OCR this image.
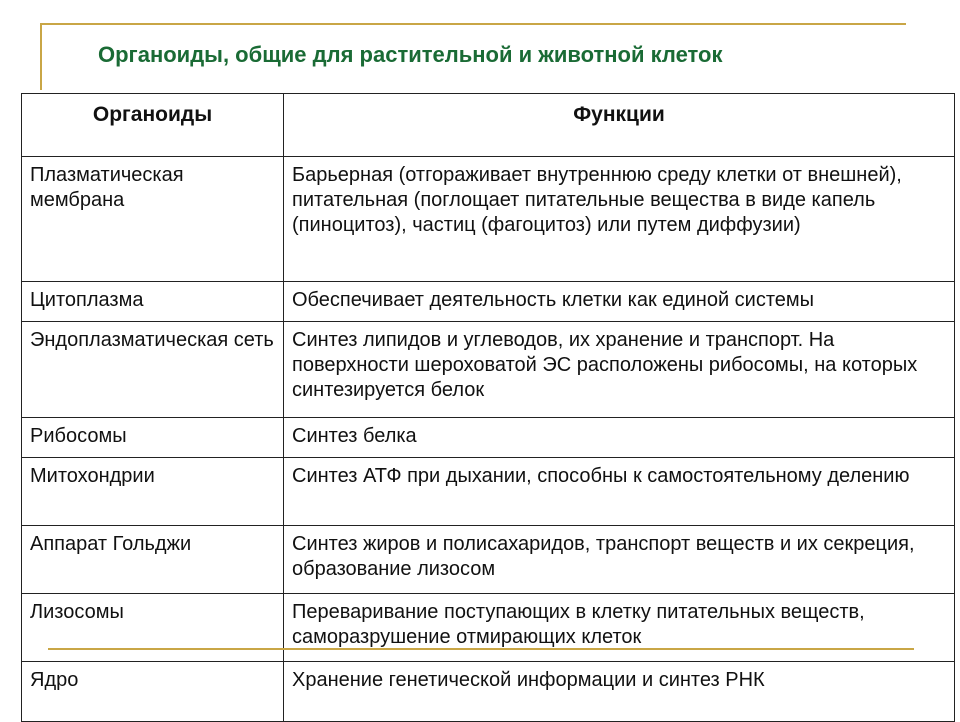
Органоиды, общие для растительной и животной клеток
Органоиды	Функции
Плазматическая мембрана	Барьерная (отгораживает внутреннюю среду клетки от внешней), питательная (поглощает питательные вещества в виде капель (пиноцитоз), частиц (фагоцитоз) или путем диффузии)
Цитоплазма	Обеспечивает деятельность клетки как единой системы
Эндоплазматическая сеть	Синтез липидов и углеводов, их хранение и транспорт. На поверхности шероховатой ЭС расположены рибосомы, на которых синтезируется белок
Рибосомы	Синтез белка
Митохондрии	Синтез АТФ при дыхании, способны к самостоятельному делению
Аппарат Гольджи	Синтез жиров и полисахаридов, транспорт веществ и их секреция, образование лизосом
Лизосомы	Переваривание поступающих в клетку питательных веществ, саморазрушение отмирающих клеток
Ядро	Хранение генетической информации и синтез РНК
